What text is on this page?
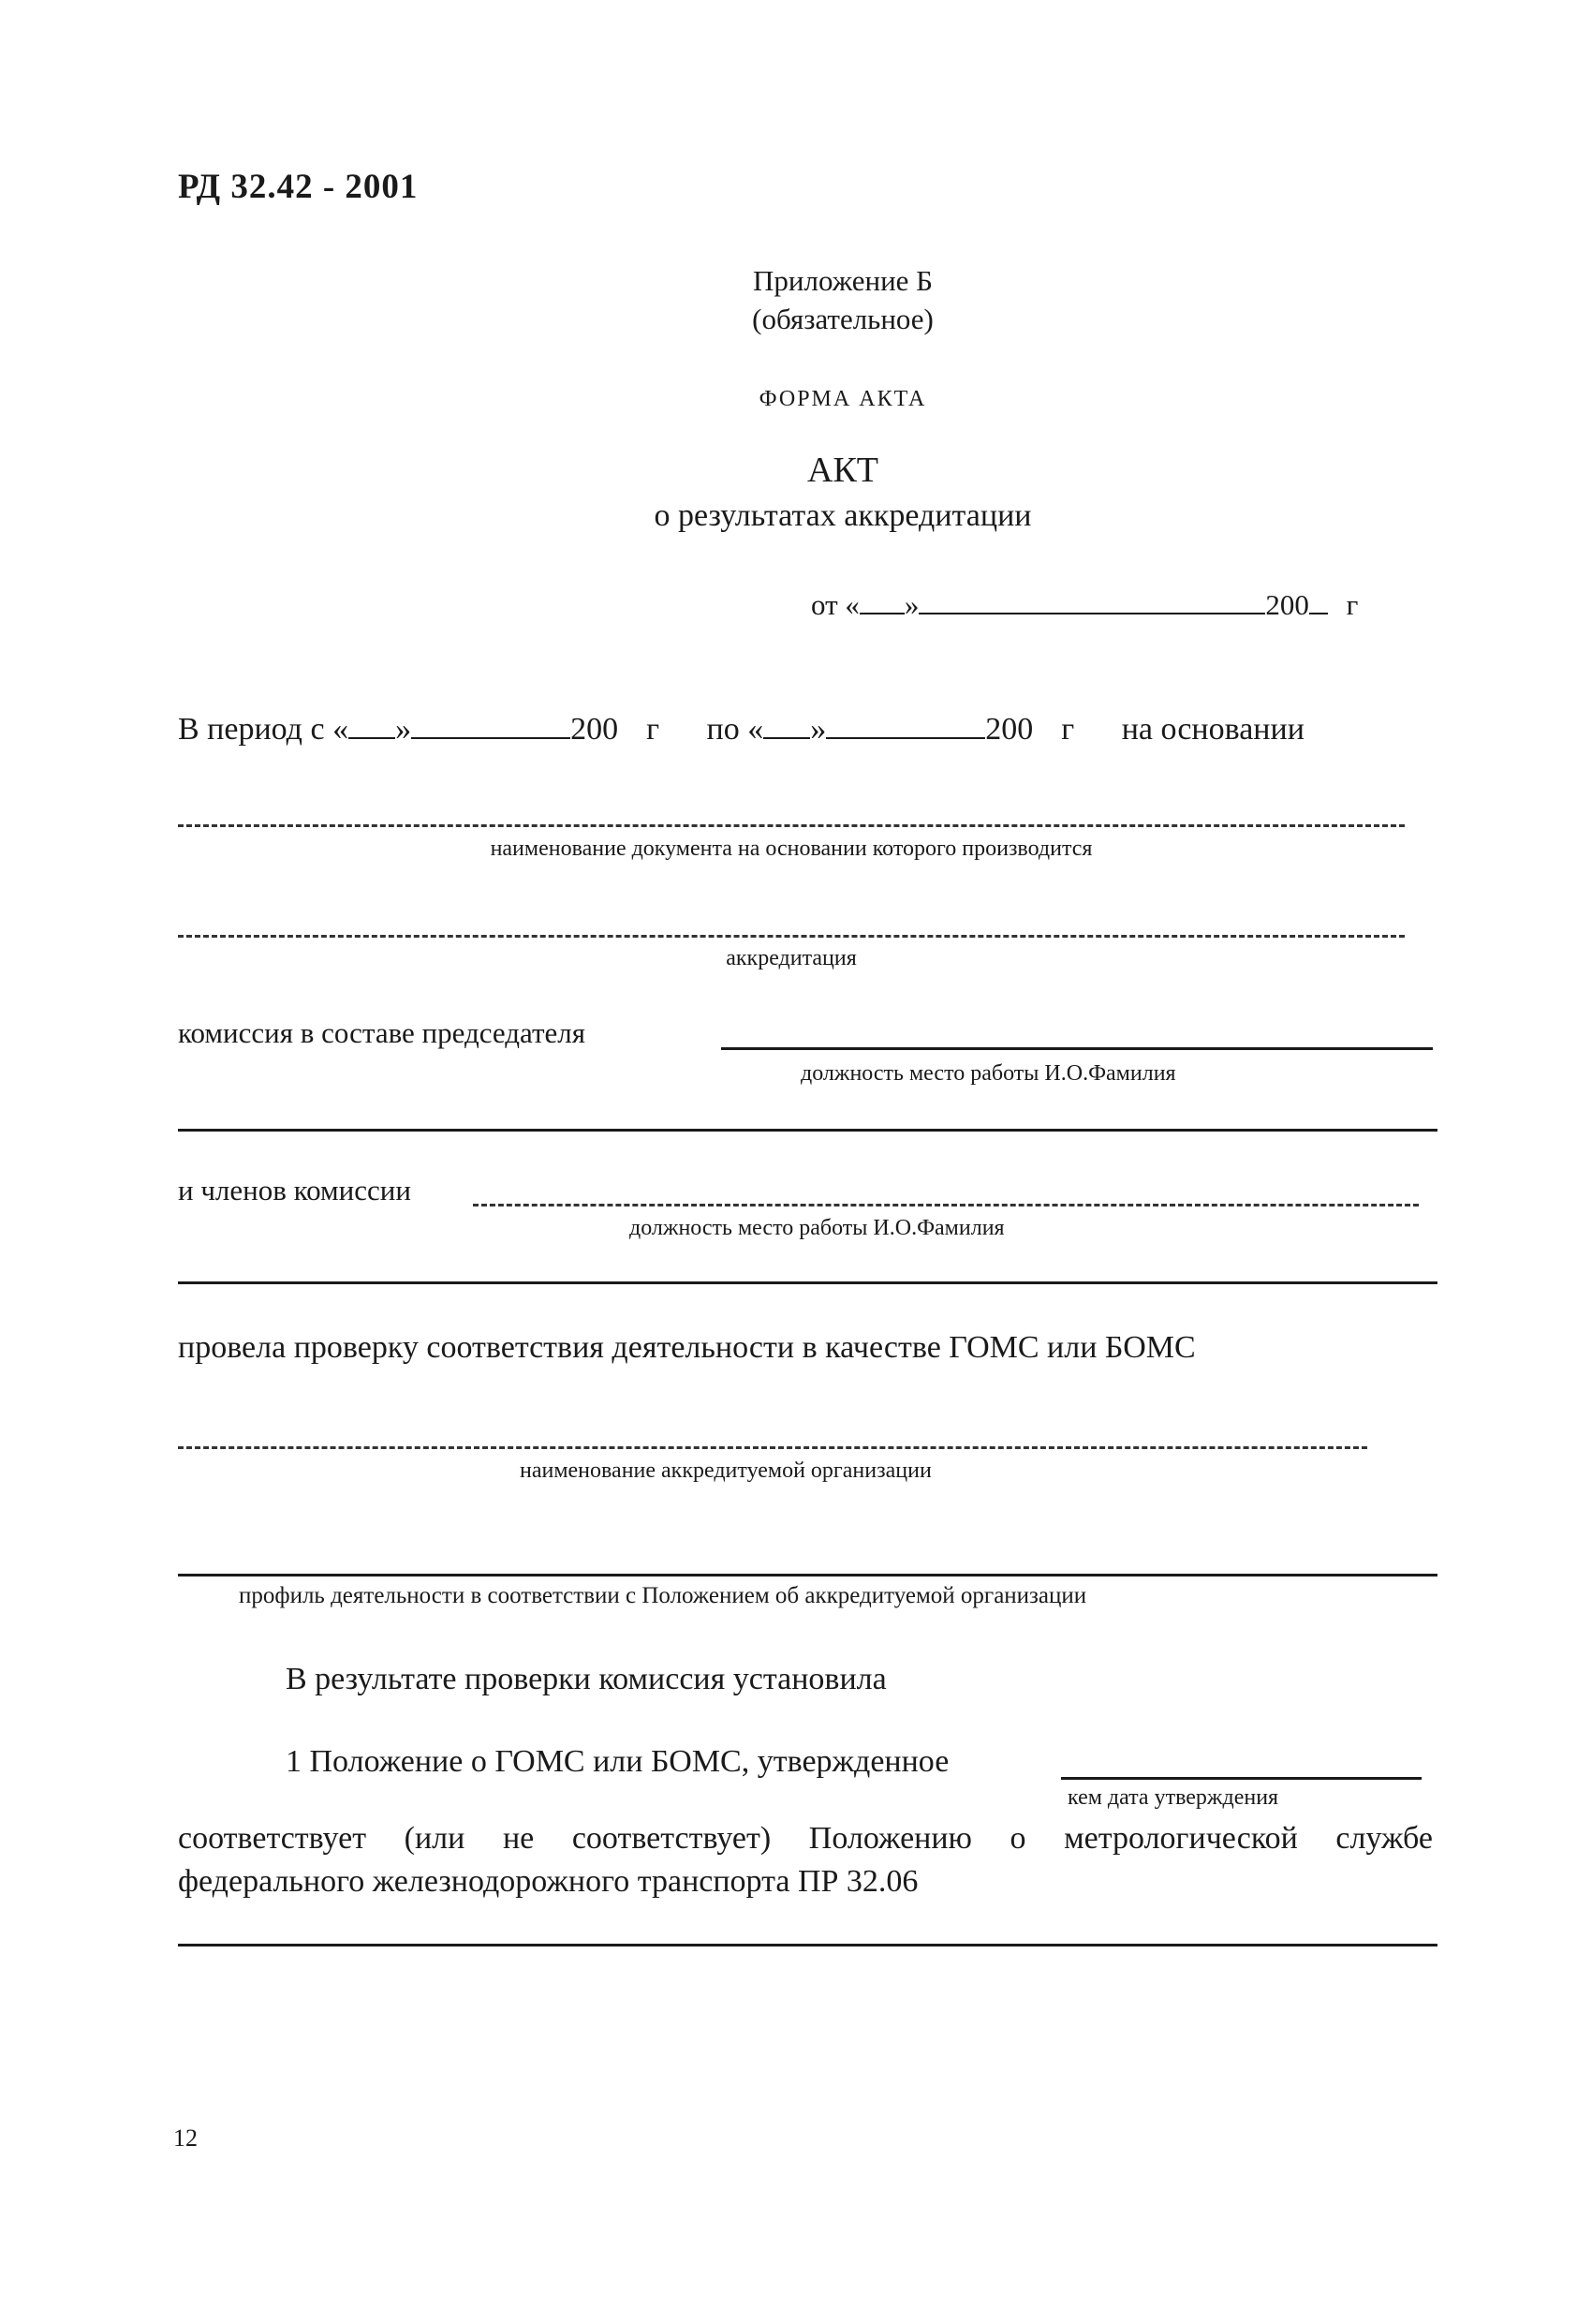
РД 32.42 - 2001
Приложение Б
(обязательное)
ФОРМА АКТА
АКТ
о результатах аккредитации
от « »	200 г
В период с « »	200 г по « »	200 г на основании
наименование документа на основании которого производится
аккредитация
комиссия в составе председателя
должность место работы И.О.Фамилия
и членов комиссии
должность место работы И.О.Фамилия
провела проверку соответствия деятельности в качестве ГОМС или БОМС
наименование аккредитуемой организации
профиль деятельности в соответствии с Положением об аккредитуемой организации
В результате проверки комиссия установила
1 Положение о ГОМС или БОМС, утвержденное
кем дата утверждения
соответствует (или не соответствует) Положению о метрологической службе
федерального железнодорожного транспорта ПР 32.06
12
